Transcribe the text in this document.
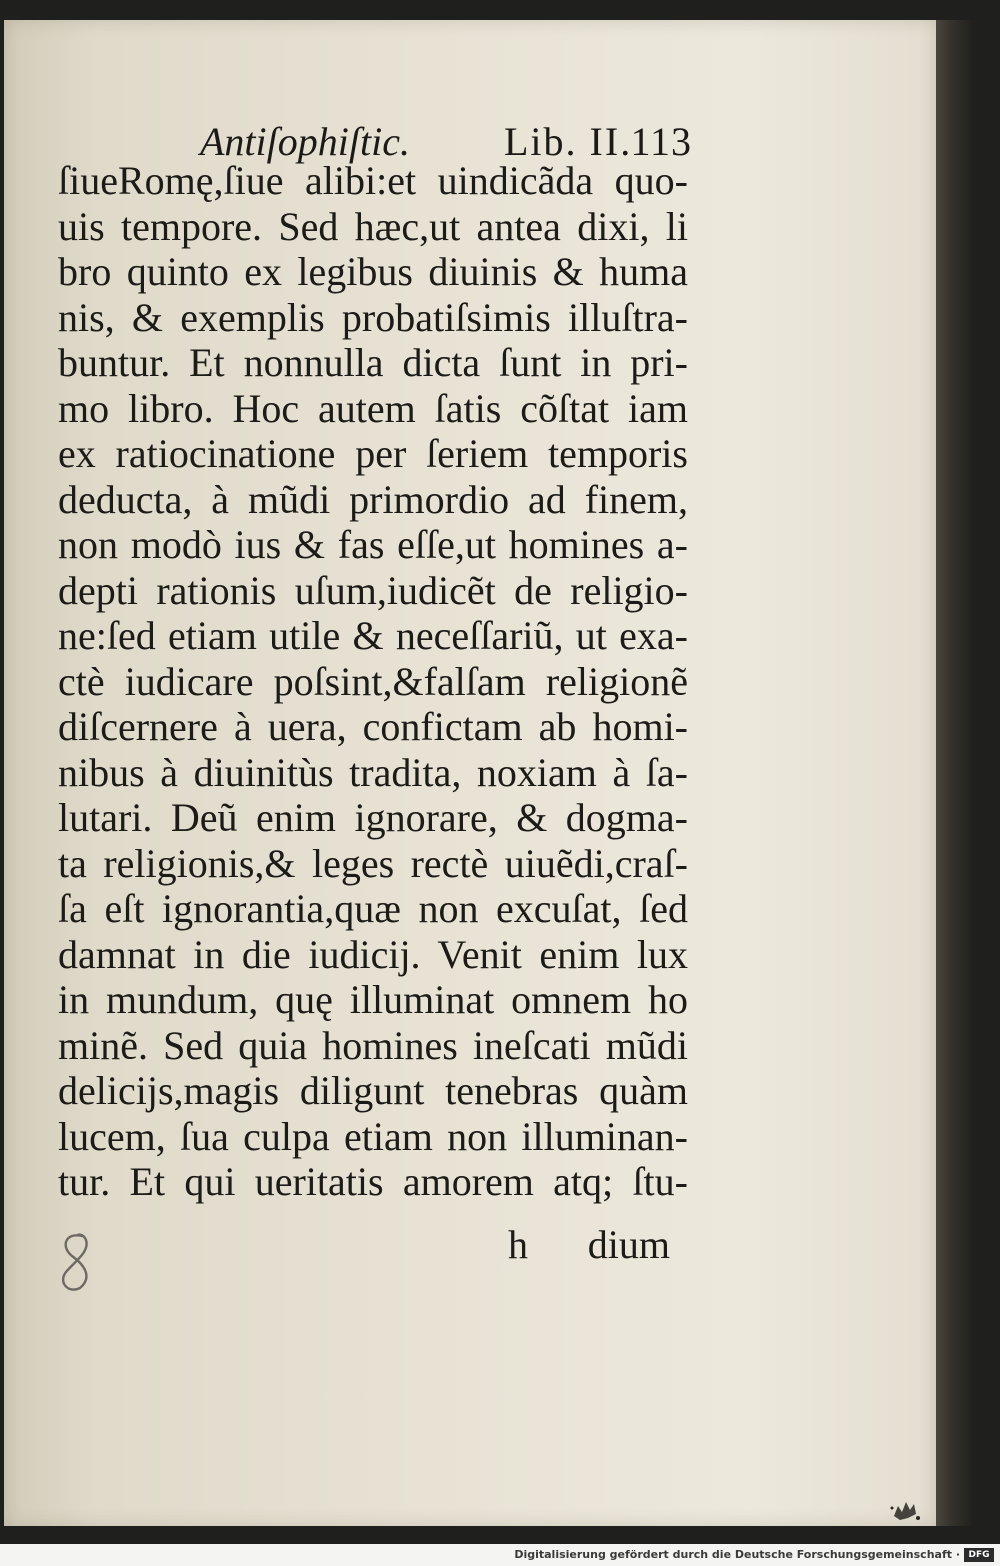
Antiſophiſtic. Lib. II.
113
ſiueRomę,ſiue alibi:et uindicãda quo‑
uis tempore. Sed hæc,ut antea dixi, li
bro quinto ex legibus diuinis & huma
nis, & exemplis probatiſsimis illuſtra‑
buntur. Et nonnulla dicta ſunt in pri‑
mo libro. Hoc autem ſatis cõſtat iam
ex ratiocinatione per ſeriem temporis
deducta, à mũdi primordio ad finem,
non modò ius & fas eſſe,ut homines a‑
depti rationis uſum,iudicẽt de religio‑
ne:ſed etiam utile & neceſſariũ, ut exa‑
ctè iudicare poſsint,&falſam religionẽ
diſcernere à uera, confictam ab homi‑
nibus à diuinitùs tradita, noxiam à ſa‑
lutari. Deũ enim ignorare, & dogma‑
ta religionis,& leges rectè uiuẽdi,craſ‑
ſa eſt ignorantia,quæ non excuſat, ſed
damnat in die iudicij. Venit enim lux
in mundum, quę illuminat omnem ho
minẽ. Sed quia homines ineſcati mũdi
delicijs,magis diligunt tenebras quàm
lucem, ſua culpa etiam non illuminan‑
tur. Et qui ueritatis amorem atq; ſtu‑
h dium
Digitalisierung gefördert durch die Deutsche Forschungsgemeinschaft · DFG
